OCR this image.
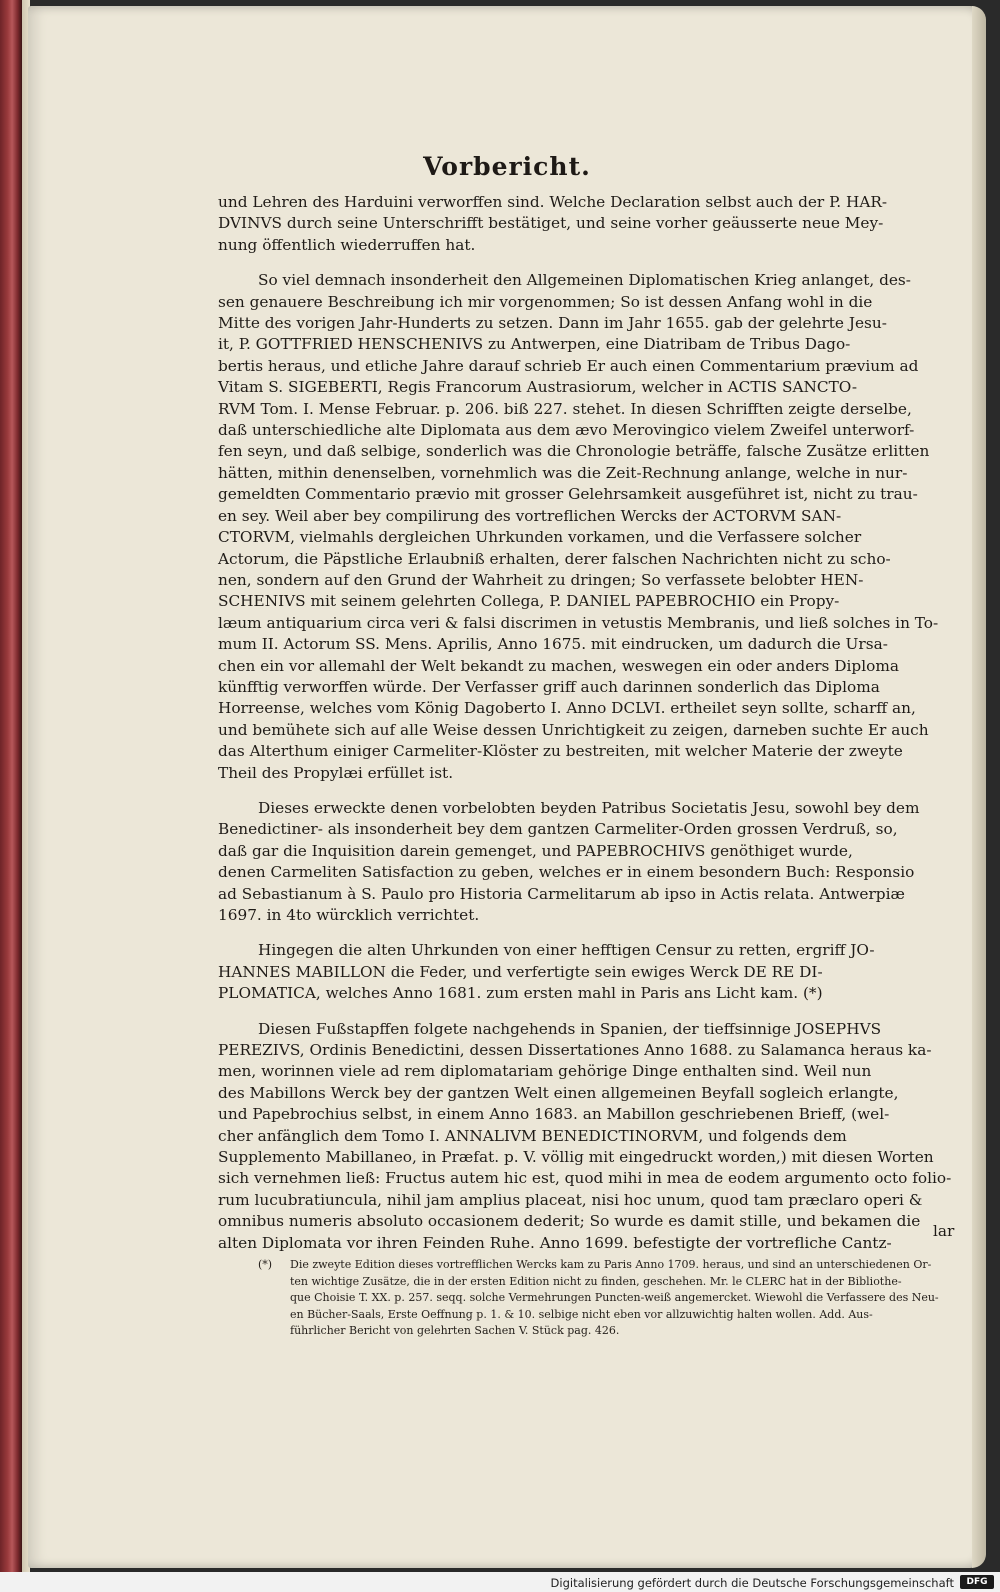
Vorbericht.
und Lehren des Harduini verworffen sind. Welche Declaration selbst auch der P. HAR-
DVINVS durch seine Unterschrifft bestätiget, und seine vorher geäusserte neue Mey-
nung öffentlich wiederruffen hat.
So viel demnach insonderheit den Allgemeinen Diplomatischen Krieg anlanget, des-
sen genauere Beschreibung ich mir vorgenommen; So ist dessen Anfang wohl in die
Mitte des vorigen Jahr-Hunderts zu setzen. Dann im Jahr 1655. gab der gelehrte Jesu-
it, P. GOTTFRIED HENSCHENIVS zu Antwerpen, eine Diatribam de Tribus Dago-
bertis heraus, und etliche Jahre darauf schrieb Er auch einen Commentarium prævium ad
Vitam S. SIGEBERTI, Regis Francorum Austrasiorum, welcher in ACTIS SANCTO-
RVM Tom. I. Mense Februar. p. 206. biß 227. stehet. In diesen Schrifften zeigte derselbe,
daß unterschiedliche alte Diplomata aus dem ævo Merovingico vielem Zweifel unterworf-
fen seyn, und daß selbige, sonderlich was die Chronologie beträffe, falsche Zusätze erlitten
hätten, mithin denenselben, vornehmlich was die Zeit-Rechnung anlange, welche in nur-
gemeldten Commentario prævio mit grosser Gelehrsamkeit ausgeführet ist, nicht zu trau-
en sey. Weil aber bey compilirung des vortreflichen Wercks der ACTORVM SAN-
CTORVM, vielmahls dergleichen Uhrkunden vorkamen, und die Verfassere solcher
Actorum, die Päpstliche Erlaubniß erhalten, derer falschen Nachrichten nicht zu scho-
nen, sondern auf den Grund der Wahrheit zu dringen; So verfassete belobter HEN-
SCHENIVS mit seinem gelehrten Collega, P. DANIEL PAPEBROCHIO ein Propy-
læum antiquarium circa veri & falsi discrimen in vetustis Membranis, und ließ solches in To-
mum II. Actorum SS. Mens. Aprilis, Anno 1675. mit eindrucken, um dadurch die Ursa-
chen ein vor allemahl der Welt bekandt zu machen, weswegen ein oder anders Diploma
künfftig verworffen würde. Der Verfasser griff auch darinnen sonderlich das Diploma
Horreense, welches vom König Dagoberto I. Anno DCLVI. ertheilet seyn sollte, scharff an,
und bemühete sich auf alle Weise dessen Unrichtigkeit zu zeigen, darneben suchte Er auch
das Alterthum einiger Carmeliter-Klöster zu bestreiten, mit welcher Materie der zweyte
Theil des Propylæi erfüllet ist.
Dieses erweckte denen vorbelobten beyden Patribus Societatis Jesu, sowohl bey dem
Benedictiner- als insonderheit bey dem gantzen Carmeliter-Orden grossen Verdruß, so,
daß gar die Inquisition darein gemenget, und PAPEBROCHIVS genöthiget wurde,
denen Carmeliten Satisfaction zu geben, welches er in einem besondern Buch: Responsio
ad Sebastianum à S. Paulo pro Historia Carmelitarum ab ipso in Actis relata. Antwerpiæ
1697. in 4to würcklich verrichtet.
Hingegen die alten Uhrkunden von einer hefftigen Censur zu retten, ergriff JO-
HANNES MABILLON die Feder, und verfertigte sein ewiges Werck DE RE DI-
PLOMATICA, welches Anno 1681. zum ersten mahl in Paris ans Licht kam. (*)
Diesen Fußstapffen folgete nachgehends in Spanien, der tieffsinnige JOSEPHVS
PEREZIVS, Ordinis Benedictini, dessen Dissertationes Anno 1688. zu Salamanca heraus ka-
men, worinnen viele ad rem diplomatariam gehörige Dinge enthalten sind. Weil nun
des Mabillons Werck bey der gantzen Welt einen allgemeinen Beyfall sogleich erlangte,
und Papebrochius selbst, in einem Anno 1683. an Mabillon geschriebenen Brieff, (wel-
cher anfänglich dem Tomo I. ANNALIVM BENEDICTINORVM, und folgends dem
Supplemento Mabillaneo, in Præfat. p. V. völlig mit eingedruckt worden,) mit diesen Worten
sich vernehmen ließ: Fructus autem hic est, quod mihi in mea de eodem argumento octo folio-
rum lucubratiuncula, nihil jam amplius placeat, nisi hoc unum, quod tam præclaro operi &
omnibus numeris absoluto occasionem dederit; So wurde es damit stille, und bekamen die
alten Diplomata vor ihren Feinden Ruhe. Anno 1699. befestigte der vortrefliche Cantz-
lar
(*) Die zweyte Edition dieses vortrefflichen Wercks kam zu Paris Anno 1709. heraus, und sind an unterschiedenen Or-
ten wichtige Zusätze, die in der ersten Edition nicht zu finden, geschehen. Mr. le CLERC hat in der Bibliothe-
que Choisie T. XX. p. 257. seqq. solche Vermehrungen Puncten-weiß angemercket. Wiewohl die Verfassere des Neu-
en Bücher-Saals, Erste Oeffnung p. 1. & 10. selbige nicht eben vor allzuwichtig halten wollen. Add. Aus-
führlicher Bericht von gelehrten Sachen V. Stück pag. 426.
Digitalisierung gefördert durch die Deutsche Forschungsgemeinschaft	DFG
